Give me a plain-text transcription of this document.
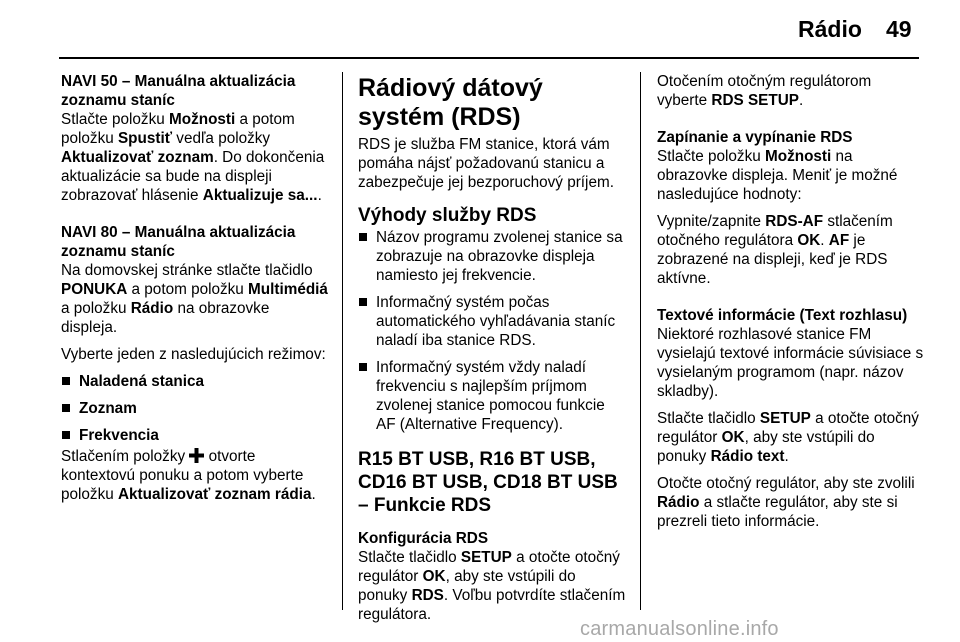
Rádio 49
NAVI 50 – Manuálna aktualizácia zoznamu staníc
Stlačte položku Možnosti a potom položku Spustiť vedľa položky Aktualizovať zoznam. Do dokončenia aktualizácie sa bude na displeji zobrazovať hlásenie Aktualizuje sa....
NAVI 80 – Manuálna aktualizácia zoznamu staníc
Na domovskej stránke stlačte tlačidlo PONUKA a potom položku Multimédiá a položku Rádio na obrazovke displeja.
Vyberte jeden z nasledujúcich režimov:
Naladená stanica
Zoznam
Frekvencia
Stlačením položky  otvorte kontextovú ponuku a potom vyberte položku Aktualizovať zoznam rádia.
Rádiový dátový systém (RDS)
RDS je služba FM stanice, ktorá vám pomáha nájsť požadovanú stanicu a zabezpečuje jej bezporuchový príjem.
Výhody služby RDS
Názov programu zvolenej stanice sa zobrazuje na obrazovke displeja namiesto jej frekvencie.
Informačný systém počas automatického vyhľadávania staníc naladí iba stanice RDS.
Informačný systém vždy naladí frekvenciu s najlepším príjmom zvolenej stanice pomocou funkcie AF (Alternative Frequency).
R15 BT USB, R16 BT USB, CD16 BT USB, CD18 BT USB – Funkcie RDS
Konfigurácia RDS
Stlačte tlačidlo SETUP a otočte otočný regulátor OK, aby ste vstúpili do ponuky RDS. Voľbu potvrdíte stlačením regulátora.
Otočením otočným regulátorom vyberte RDS SETUP.
Zapínanie a vypínanie RDS
Stlačte položku Možnosti na obrazovke displeja. Meniť je možné nasledujúce hodnoty:
Vypnite/zapnite RDS-AF stlačením otočného regulátora OK. AF je zobrazené na displeji, keď je RDS aktívne.
Textové informácie (Text rozhlasu)
Niektoré rozhlasové stanice FM vysielajú textové informácie súvisiace s vysielaným programom (napr. názov skladby).
Stlačte tlačidlo SETUP a otočte otočný regulátor OK, aby ste vstúpili do ponuky Rádio text.
Otočte otočný regulátor, aby ste zvolili Rádio a stlačte regulátor, aby ste si prezreli tieto informácie.
carmanualsonline.info
